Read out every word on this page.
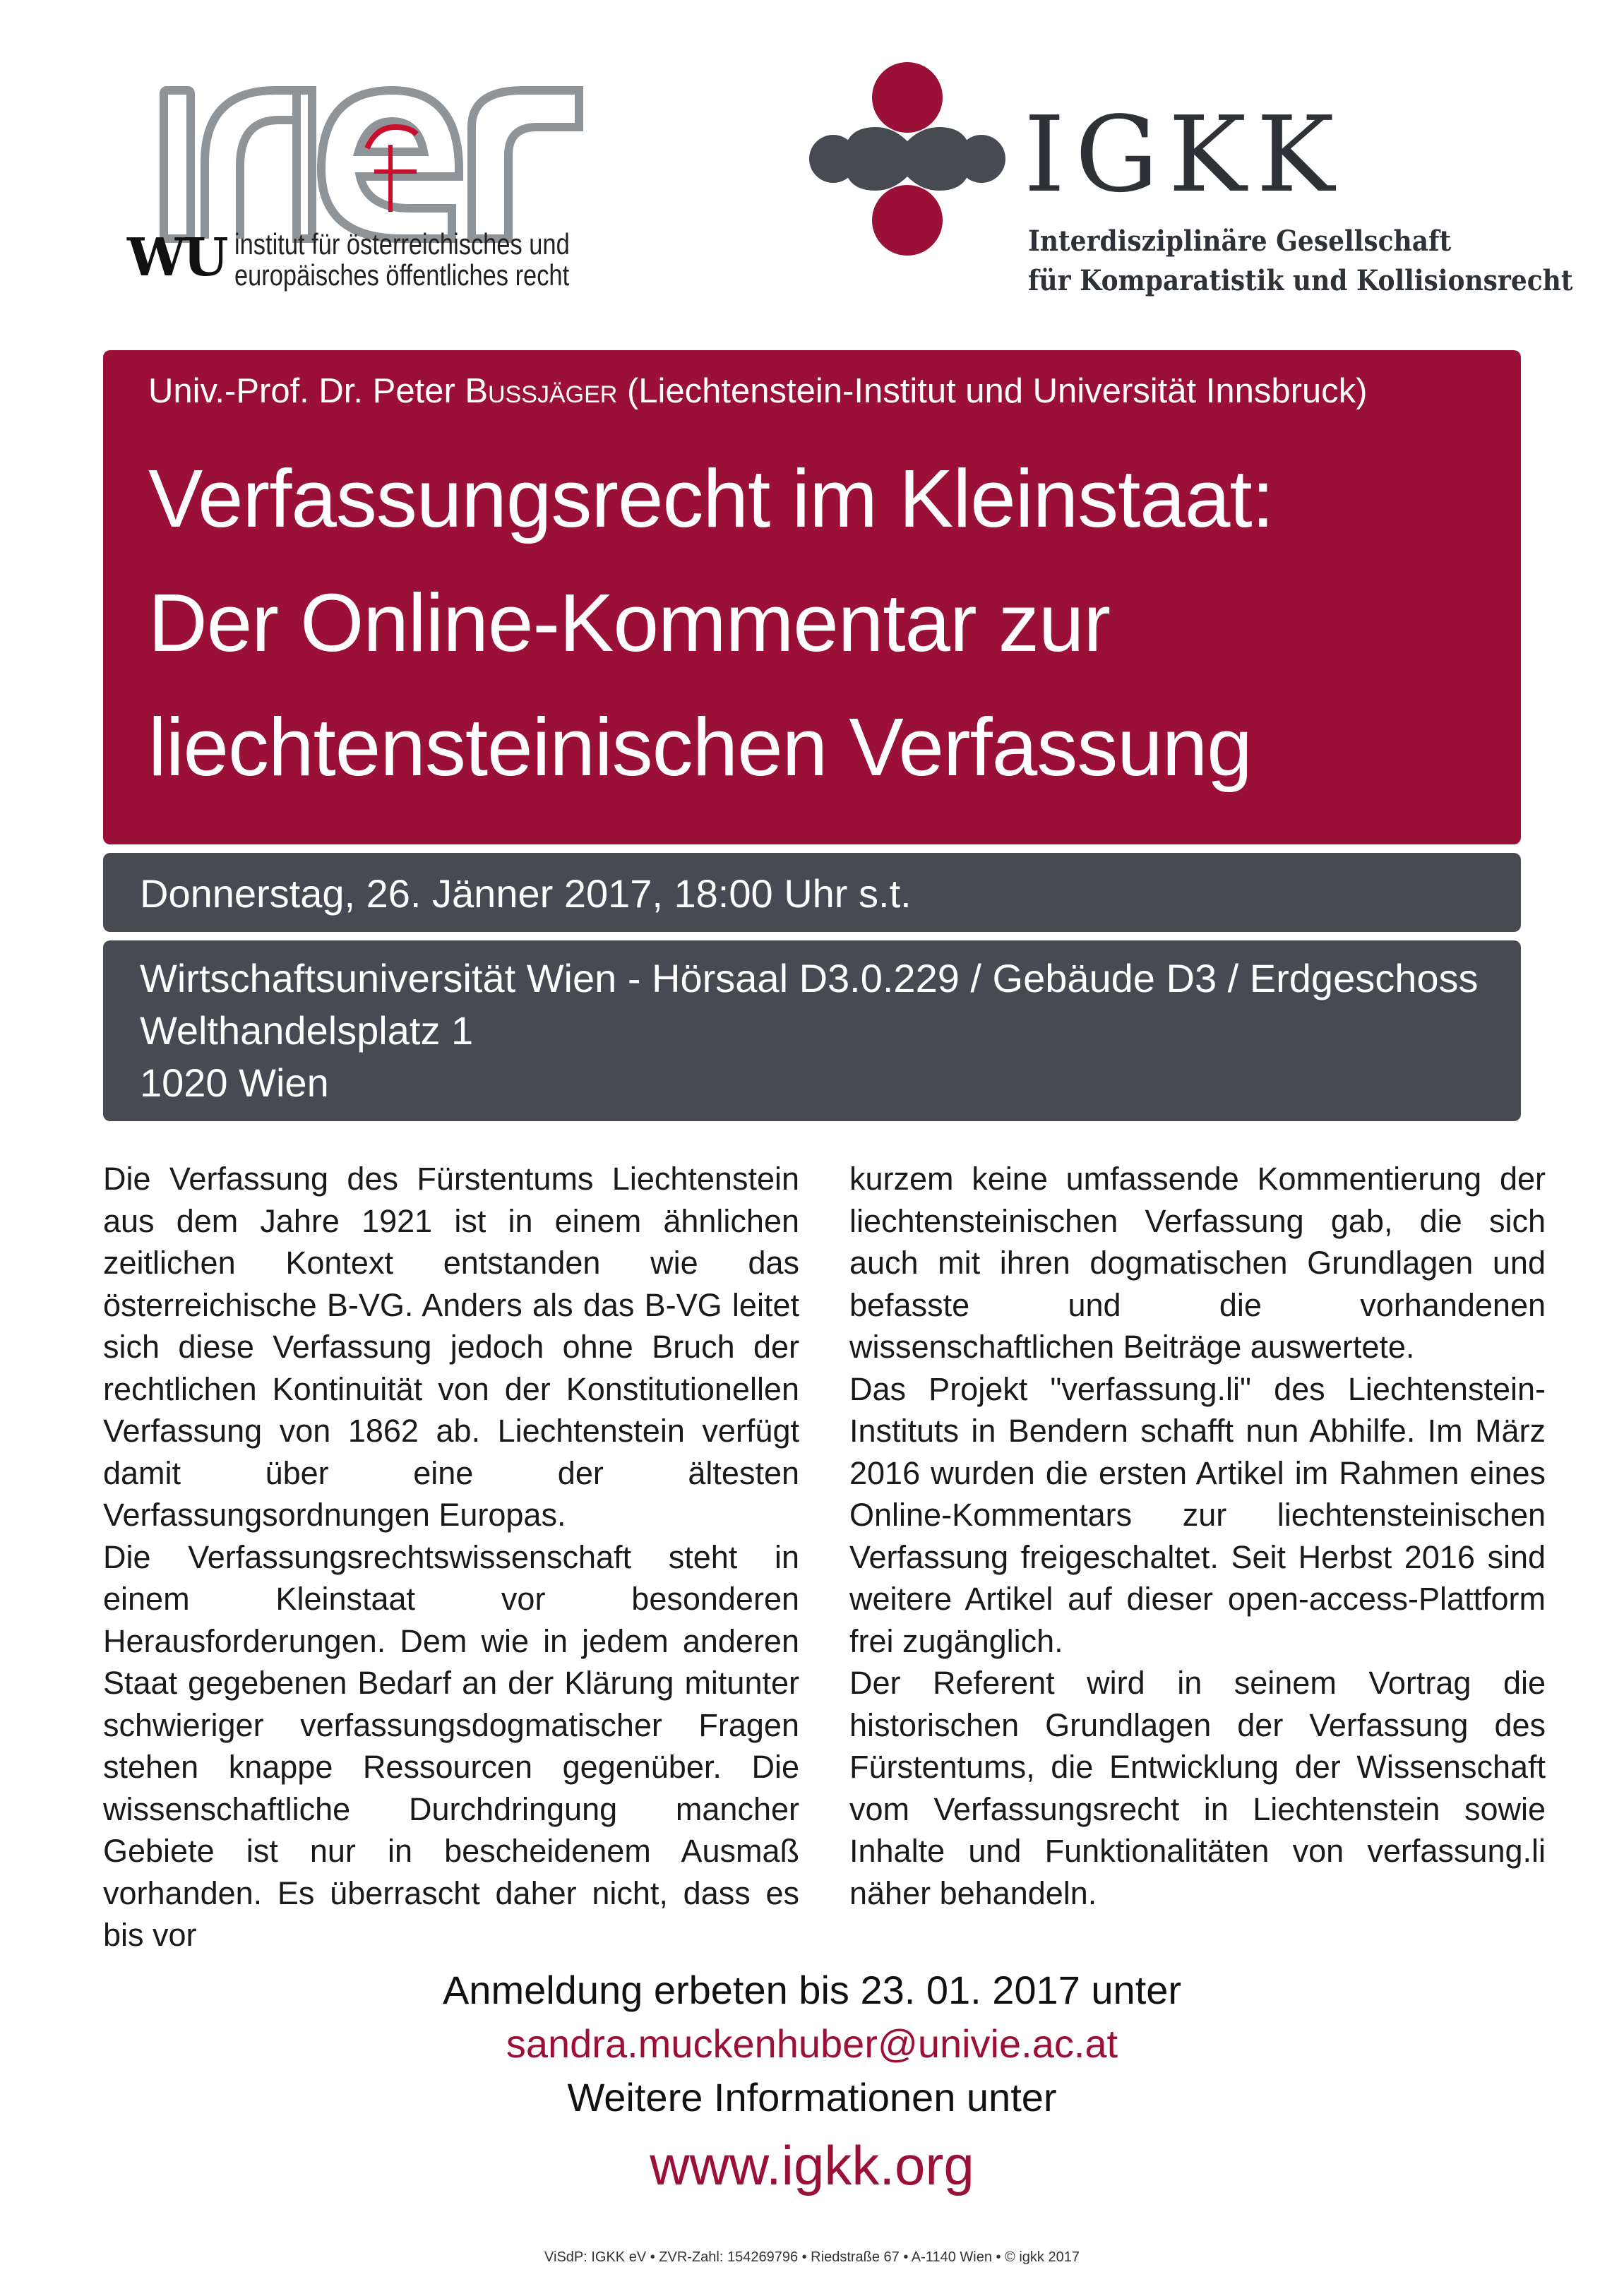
WU institut für österreichisches und
europäisches öffentliches recht
IGKK
Interdisziplinäre Gesellschaft
für Komparatistik und Kollisionsrecht
Univ.-Prof. Dr. Peter Bußjäger (Liechtenstein-Institut und Universität Innsbruck)
Verfassungsrecht im Kleinstaat:
Der Online-Kommentar zur
liechtensteinischen Verfassung
Donnerstag, 26. Jänner 2017, 18:00 Uhr s.t.
Wirtschaftsuniversität Wien - Hörsaal D3.0.229 / Gebäude D3 / Erdgeschoss
Welthandelsplatz 1
1020 Wien

Die Verfassung des Fürstentums Liechtenstein aus dem Jahre 1921 ist in einem ähnlichen zeitlichen Kontext entstanden wie das österreichische B-VG. Anders als das B-VG leitet sich diese Verfassung jedoch ohne Bruch der rechtlichen Kontinuität von der Konstitutionellen Verfassung von 1862 ab. Liechtenstein verfügt damit über eine der ältesten Verfassungsordnungen Europas.

Die Verfassungsrechtswissenschaft steht in einem Kleinstaat vor besonderen Herausforderungen. Dem wie in jedem anderen Staat gegebenen Bedarf an der Klärung mitunter schwieriger verfassungsdogmatischer Fragen stehen knappe Ressourcen gegenüber. Die wissenschaftliche Durchdringung mancher Gebiete ist nur in bescheidenem Ausmaß vorhanden. Es überrascht daher nicht, dass es bis vor

kurzem keine umfassende Kommentierung der liechtensteinischen Verfassung gab, die sich auch mit ihren dogmatischen Grundlagen und befasste und die vorhandenen wissenschaftlichen Beiträge auswertete.

Das Projekt "verfassung.li" des Liechtenstein-Instituts in Bendern schafft nun Abhilfe. Im März 2016 wurden die ersten Artikel im Rahmen eines Online-Kommentars zur liechtensteinischen Verfassung freigeschaltet. Seit Herbst 2016 sind weitere Artikel auf dieser open-access-Plattform frei zugänglich.

Der Referent wird in seinem Vortrag die historischen Grundlagen der Verfassung des Fürstentums, die Entwicklung der Wissenschaft vom Verfassungsrecht in Liechtenstein sowie Inhalte und Funktionalitäten von verfassung.li näher behandeln.

Anmeldung erbeten bis 23. 01. 2017 unter
sandra.muckenhuber@univie.ac.at
Weitere Informationen unter
www.igkk.org
ViSdP: IGKK eV • ZVR-Zahl: 154269796 • Riedstraße 67 • A-1140 Wien • © igkk 2017
